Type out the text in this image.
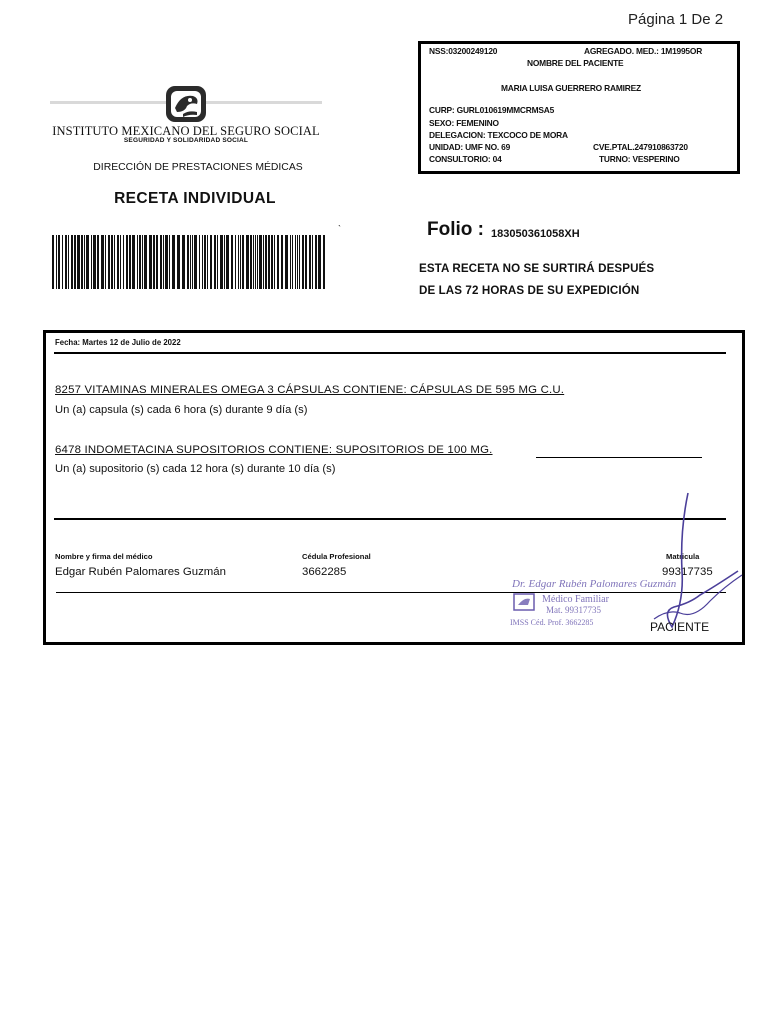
Página 1 De 2
NSS:03200249120	AGREGADO. MED.: 1M1995OR
NOMBRE DEL PACIENTE
MARIA LUISA GUERRERO RAMIREZ
CURP: GURL010619MMCRMSA5
SEXO: FEMENINO
DELEGACION: TEXCOCO DE MORA
UNIDAD: UMF NO. 69	CVE.PTAL.247910863720
CONSULTORIO: 04	TURNO: VESPERINO
INSTITUTO MEXICANO DEL SEGURO SOCIAL
SEGURIDAD Y SOLIDARIDAD SOCIAL
DIRECCIÓN DE PRESTACIONES MÉDICAS
RECETA INDIVIDUAL
`	Folio : 183050361058XH
ESTA RECETA NO SE SURTIRÁ DESPUÉS
DE LAS 72 HORAS DE SU EXPEDICIÓN
Fecha: Martes 12 de Julio de 2022
8257 VITAMINAS MINERALES OMEGA 3 CÁPSULAS CONTIENE: CÁPSULAS DE 595 MG C.U.
Un (a) capsula (s) cada 6 hora (s) durante 9 día (s)
6478 INDOMETACINA SUPOSITORIOS CONTIENE: SUPOSITORIOS DE 100 MG.
Un (a) supositorio (s) cada 12 hora (s) durante 10 día (s)
Nombre y firma del médico
Edgar Rubén Palomares Guzmán
Cédula Profesional
3662285
Matricula
99317735
Dr. Edgar Rubén Palomares Guzmán
Médico Familiar
Mat. 99317735
IMSS Céd. Prof. 3662285	PACIENTE
